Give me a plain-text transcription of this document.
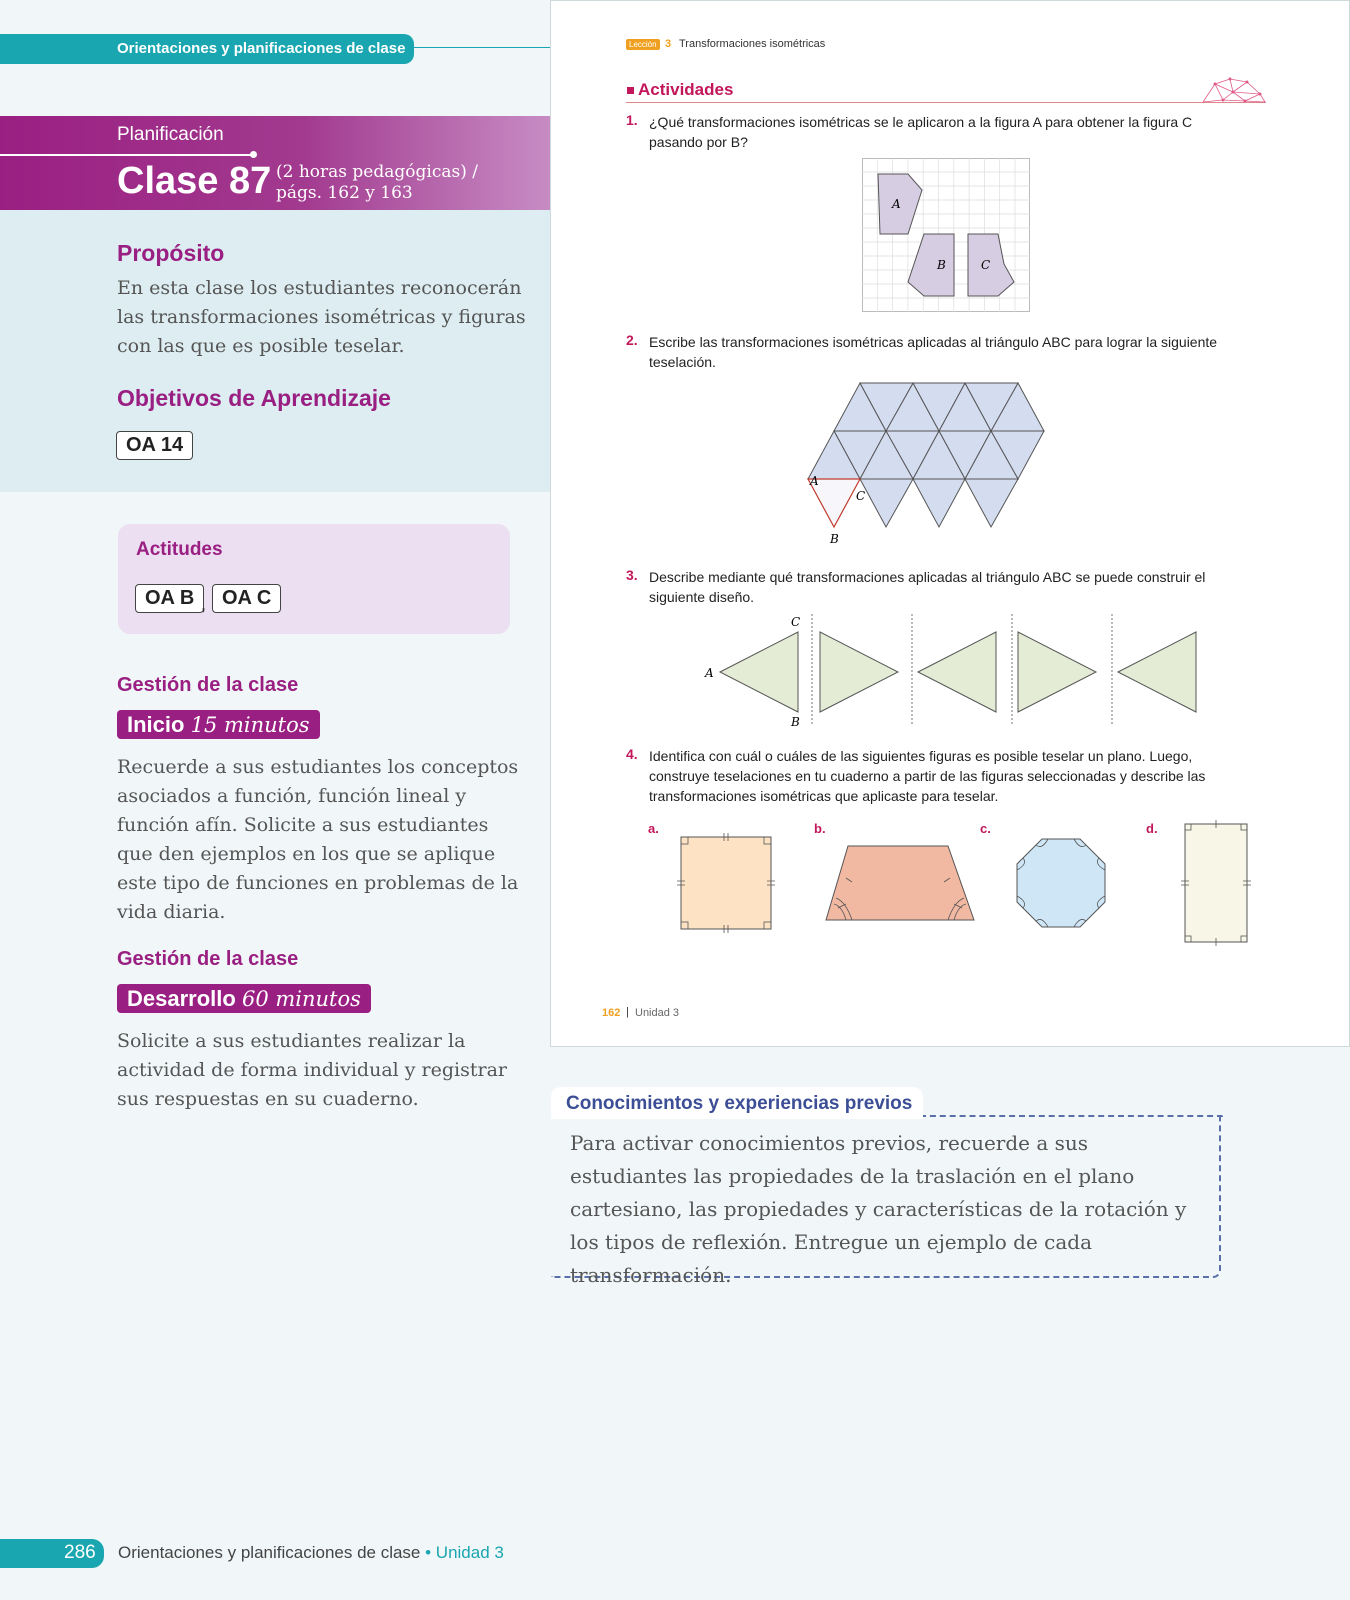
Orientaciones y planificaciones de clase
Planificación
Clase 87 (2 horas pedagógicas) /
págs. 162 y 163
Propósito
En esta clase los estudiantes reconocerán las transformaciones isométricas y figuras con las que es posible teselar.
Objetivos de Aprendizaje
OA 14
Actitudes
OA B , OA C
Gestión de la clase
Inicio 15 minutos
Recuerde a sus estudiantes los conceptos asociados a función, función lineal y función afín. Solicite a sus estudiantes que den ejemplos en los que se aplique este tipo de funciones en problemas de la vida diaria.
Gestión de la clase
Desarrollo 60 minutos
Solicite a sus estudiantes realizar la actividad de forma individual y registrar sus respuestas en su cuaderno.
Lección 3 Transformaciones isométricas
Actividades
1. ¿Qué transformaciones isométricas se le aplicaron a la figura A para obtener la figura C pasando por B?
A
B	C
2. Escribe las transformaciones isométricas aplicadas al triángulo ABC para lograr la siguiente teselación.
A
B
C
3. Describe mediante qué transformaciones aplicadas al triángulo ABC se puede construir el siguiente diseño.
A
B
C
4. Identifica con cuál o cuáles de las siguientes figuras es posible teselar un plano. Luego, construye teselaciones en tu cuaderno a partir de las figuras seleccionadas y describe las transformaciones isométricas que aplicaste para teselar.
a.	b.	c.	d.
162 | Unidad 3
Conocimientos y experiencias previos
Para activar conocimientos previos, recuerde a sus estudiantes las propiedades de la traslación en el plano cartesiano, las propiedades y características de la rotación y los tipos de reflexión. Entregue un ejemplo de cada transformación.
286 Orientaciones y planificaciones de clase • Unidad 3
